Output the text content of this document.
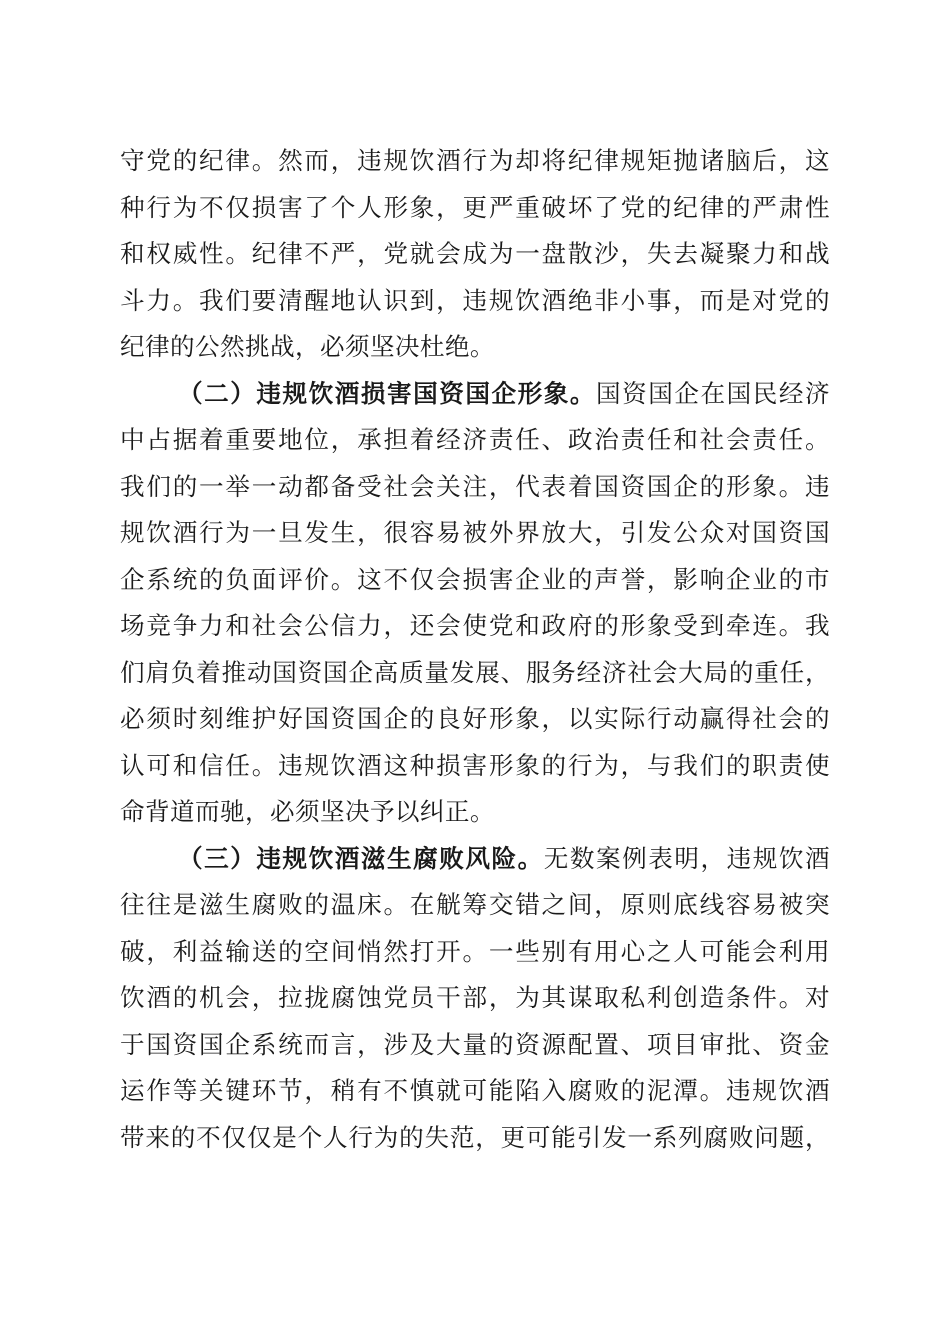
守党的纪律。然而，违规饮酒行为却将纪律规矩抛诸脑后，这
种行为不仅损害了个人形象，更严重破坏了党的纪律的严肃性
和权威性。纪律不严，党就会成为一盘散沙，失去凝聚力和战
斗力。我们要清醒地认识到，违规饮酒绝非小事，而是对党的
纪律的公然挑战，必须坚决杜绝。
（二）违规饮酒损害国资国企形象。国资国企在国民经济
中占据着重要地位，承担着经济责任、政治责任和社会责任。
我们的一举一动都备受社会关注，代表着国资国企的形象。违
规饮酒行为一旦发生，很容易被外界放大，引发公众对国资国
企系统的负面评价。这不仅会损害企业的声誉，影响企业的市
场竞争力和社会公信力，还会使党和政府的形象受到牵连。我
们肩负着推动国资国企高质量发展、服务经济社会大局的重任，
必须时刻维护好国资国企的良好形象，以实际行动赢得社会的
认可和信任。违规饮酒这种损害形象的行为，与我们的职责使
命背道而驰，必须坚决予以纠正。
（三）违规饮酒滋生腐败风险。无数案例表明，违规饮酒
往往是滋生腐败的温床。在觥筹交错之间，原则底线容易被突
破，利益输送的空间悄然打开。一些别有用心之人可能会利用
饮酒的机会，拉拢腐蚀党员干部，为其谋取私利创造条件。对
于国资国企系统而言，涉及大量的资源配置、项目审批、资金
运作等关键环节，稍有不慎就可能陷入腐败的泥潭。违规饮酒
带来的不仅仅是个人行为的失范，更可能引发一系列腐败问题，
